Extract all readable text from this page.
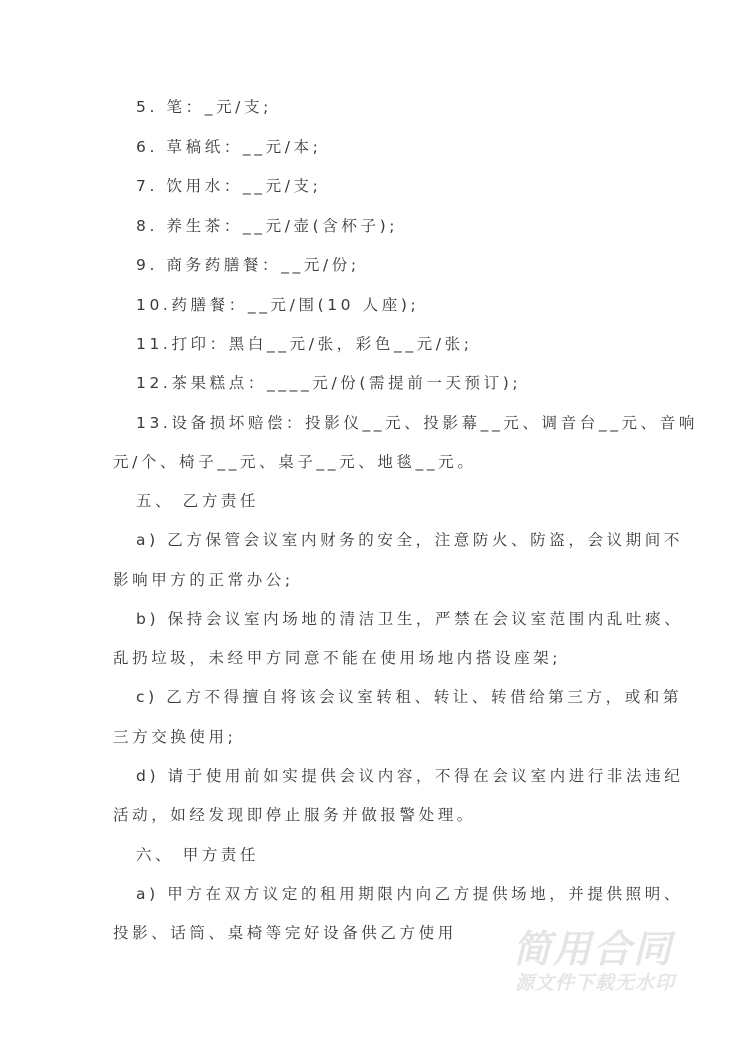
5. 笔：_元/支;
6. 草稿纸：__元/本;
7. 饮用水：__元/支;
8. 养生茶：__元/壶(含杯子);
9. 商务药膳餐：__元/份;
10.药膳餐：__元/围(10 人座);
11.打印：黑白__元/张，彩色__元/张;
12.茶果糕点：____元/份(需提前一天预订);
13.设备损坏赔偿：投影仪__元、投影幕__元、调音台__元、音响
元/个、椅子__元、桌子__元、地毯__元。
五、 乙方责任
a) 乙方保管会议室内财务的安全，注意防火、防盗，会议期间不
影响甲方的正常办公;
b) 保持会议室内场地的清洁卫生，严禁在会议室范围内乱吐痰、
乱扔垃圾，未经甲方同意不能在使用场地内搭设座架;
c) 乙方不得擅自将该会议室转租、转让、转借给第三方，或和第
三方交换使用;
d) 请于使用前如实提供会议内容，不得在会议室内进行非法违纪
活动，如经发现即停止服务并做报警处理。
六、 甲方责任
a) 甲方在双方议定的租用期限内向乙方提供场地，并提供照明、
投影、话筒、桌椅等完好设备供乙方使用 简用合同
源文件下载无水印
